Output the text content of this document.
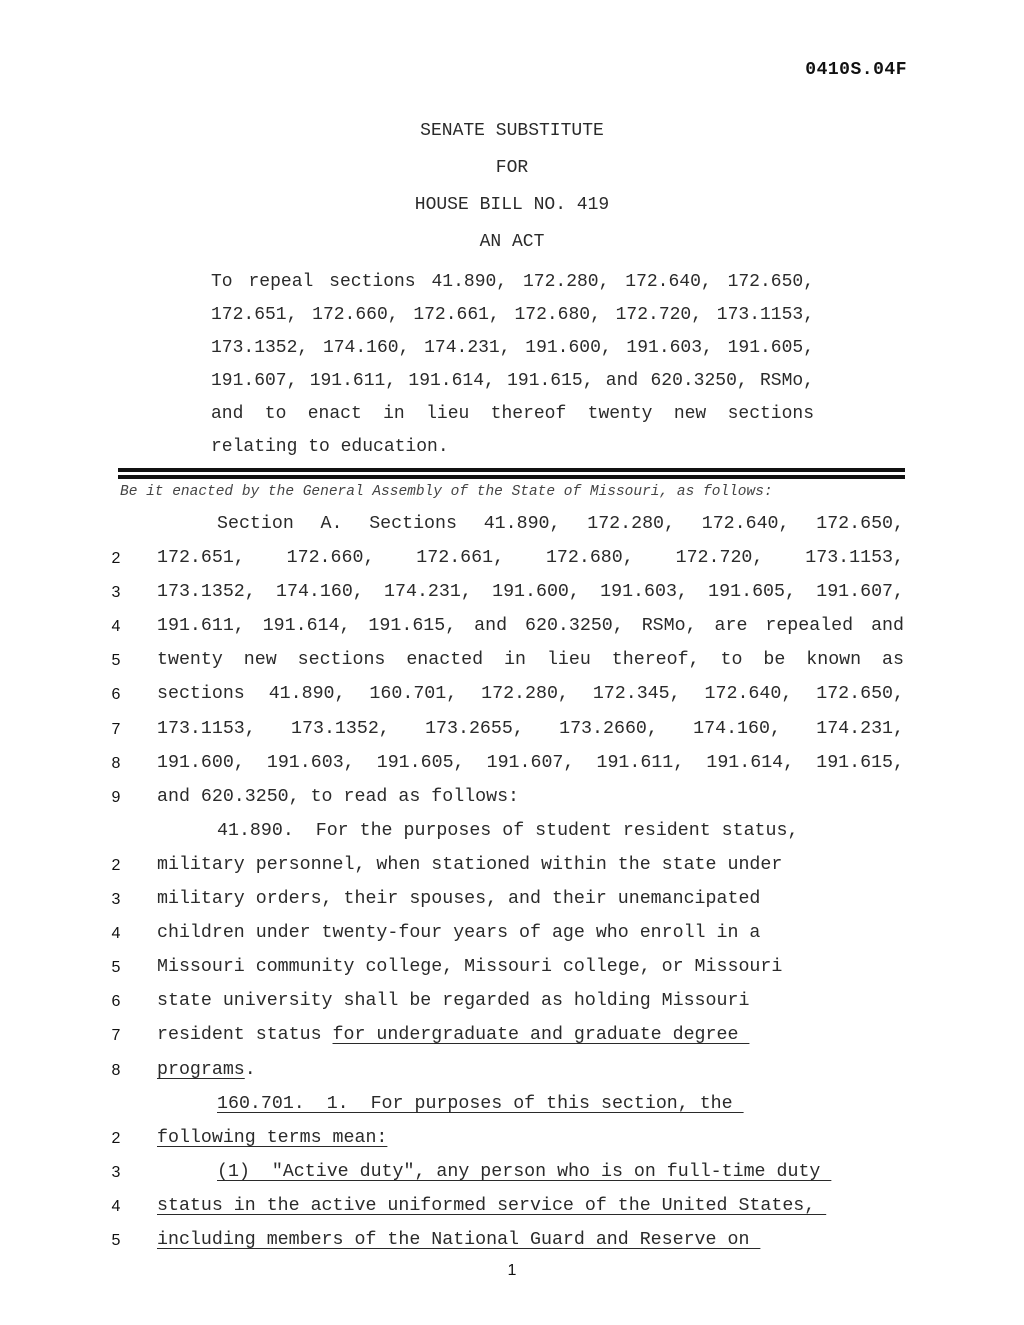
0410S.04F
SENATE SUBSTITUTE
FOR
HOUSE BILL NO. 419
AN ACT
To repeal sections 41.890, 172.280, 172.640, 172.650, 172.651, 172.660, 172.661, 172.680, 172.720, 173.1153, 173.1352, 174.160, 174.231, 191.600, 191.603, 191.605, 191.607, 191.611, 191.614, 191.615, and 620.3250, RSMo, and to enact in lieu thereof twenty new sections relating to education.
Be it enacted by the General Assembly of the State of Missouri, as follows:
Section A. Sections 41.890, 172.280, 172.640, 172.650,
2 172.651, 172.660, 172.661, 172.680, 172.720, 173.1153,
3 173.1352, 174.160, 174.231, 191.600, 191.603, 191.605, 191.607,
4 191.611, 191.614, 191.615, and 620.3250, RSMo, are repealed and
5 twenty new sections enacted in lieu thereof, to be known as
6 sections 41.890, 160.701, 172.280, 172.345, 172.640, 172.650,
7 173.1153, 173.1352, 173.2655, 173.2660, 174.160, 174.231,
8 191.600, 191.603, 191.605, 191.607, 191.611, 191.614, 191.615,
9 and 620.3250, to read as follows:
41.890.  For the purposes of student resident status,
2 military personnel, when stationed within the state under
3 military orders, their spouses, and their unemancipated
4 children under twenty-four years of age who enroll in a
5 Missouri community college, Missouri college, or Missouri
6 state university shall be regarded as holding Missouri
7 resident status for undergraduate and graduate degree
8 programs.
160.701.  1.  For purposes of this section, the
2 following terms mean:
3	(1)  "Active duty", any person who is on full-time duty
4 status in the active uniformed service of the United States,
5 including members of the National Guard and Reserve on
1
